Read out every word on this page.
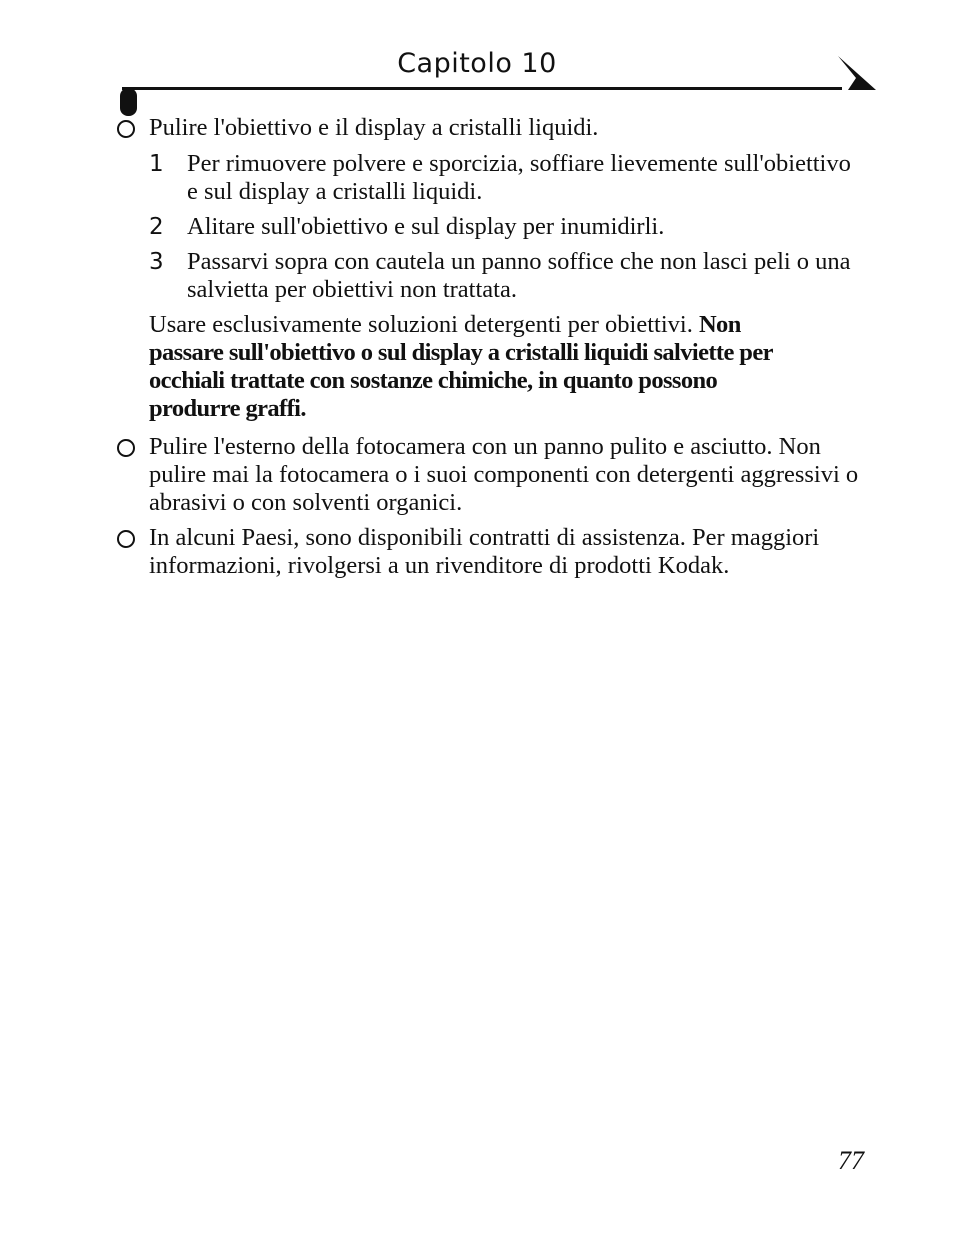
Capitolo 10
Pulire l'obiettivo e il display a cristalli liquidi.
1 Per rimuovere polvere e sporcizia, soffiare lievemente sull'obiettivo e sul display a cristalli liquidi.
2 Alitare sull'obiettivo e sul display per inumidirli.
3 Passarvi sopra con cautela un panno soffice che non lasci peli o una salvietta per obiettivi non trattata.
Usare esclusivamente soluzioni detergenti per obiettivi. Non passare sull'obiettivo o sul display a cristalli liquidi salviette per occhiali trattate con sostanze chimiche, in quanto possono produrre graffi.
Pulire l'esterno della fotocamera con un panno pulito e asciutto. Non pulire mai la fotocamera o i suoi componenti con detergenti aggressivi o abrasivi o con solventi organici.
In alcuni Paesi, sono disponibili contratti di assistenza. Per maggiori informazioni, rivolgersi a un rivenditore di prodotti Kodak.
77
